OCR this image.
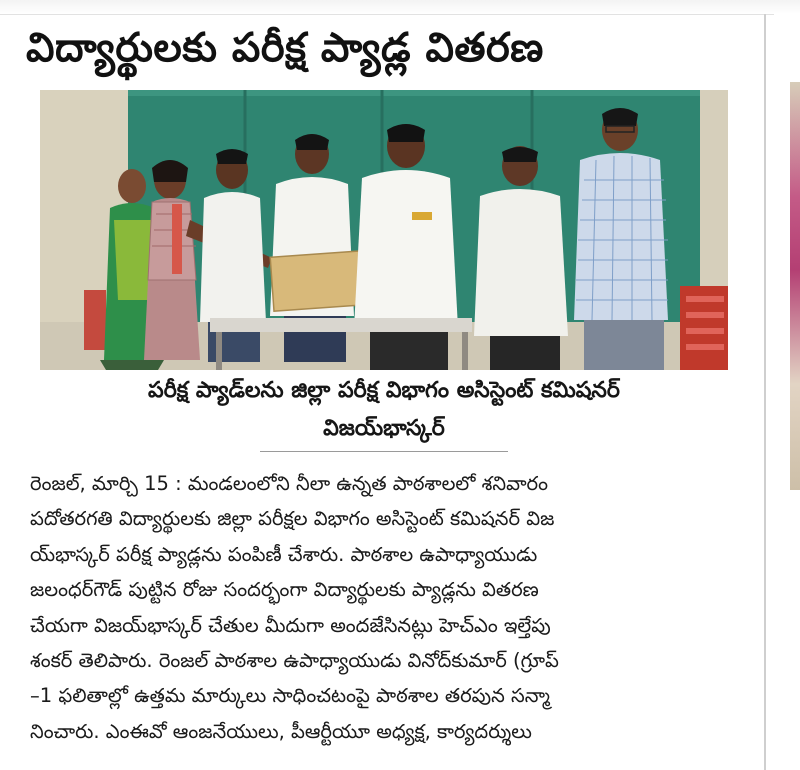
విద్యార్థులకు పరీక్ష ప్యాడ్ల వితరణ
పరీక్ష ప్యాడ్‌లను జిల్లా పరీక్ష విభాగం అసిస్టెంట్ కమిషనర్
విజయ్‌భాస్కర్
రెంజల్, మార్చి 15 : మండలంలోని నీలా ఉన్నత పాఠశాలలో శనివారం
పదోతరగతి విద్యార్థులకు జిల్లా పరీక్షల విభాగం అసిస్టెంట్ కమిషనర్ విజ
య్‌భాస్కర్ పరీక్ష ప్యాడ్లను పంపిణీ చేశారు. పాఠశాల ఉపాధ్యాయుడు
జలంధర్‌గౌడ్ పుట్టిన రోజు సందర్భంగా విద్యార్థులకు ప్యాడ్లను వితరణ
చేయగా విజయ్‌భాస్కర్ చేతుల మీదుగా అందజేసినట్లు హెచ్‌ఎం ఇల్తేపు
శంకర్ తెలిపారు. రెంజల్ పాఠశాల ఉపాధ్యాయుడు వినోద్‌కుమార్ (గ్రూప్
–1 ఫలితాల్లో ఉత్తమ మార్కులు సాధించటంపై పాఠశాల తరపున సన్మా
నించారు. ఎంఈవో ఆంజనేయులు, పీఆర్టీయూ అధ్యక్ష, కార్యదర్శులు
